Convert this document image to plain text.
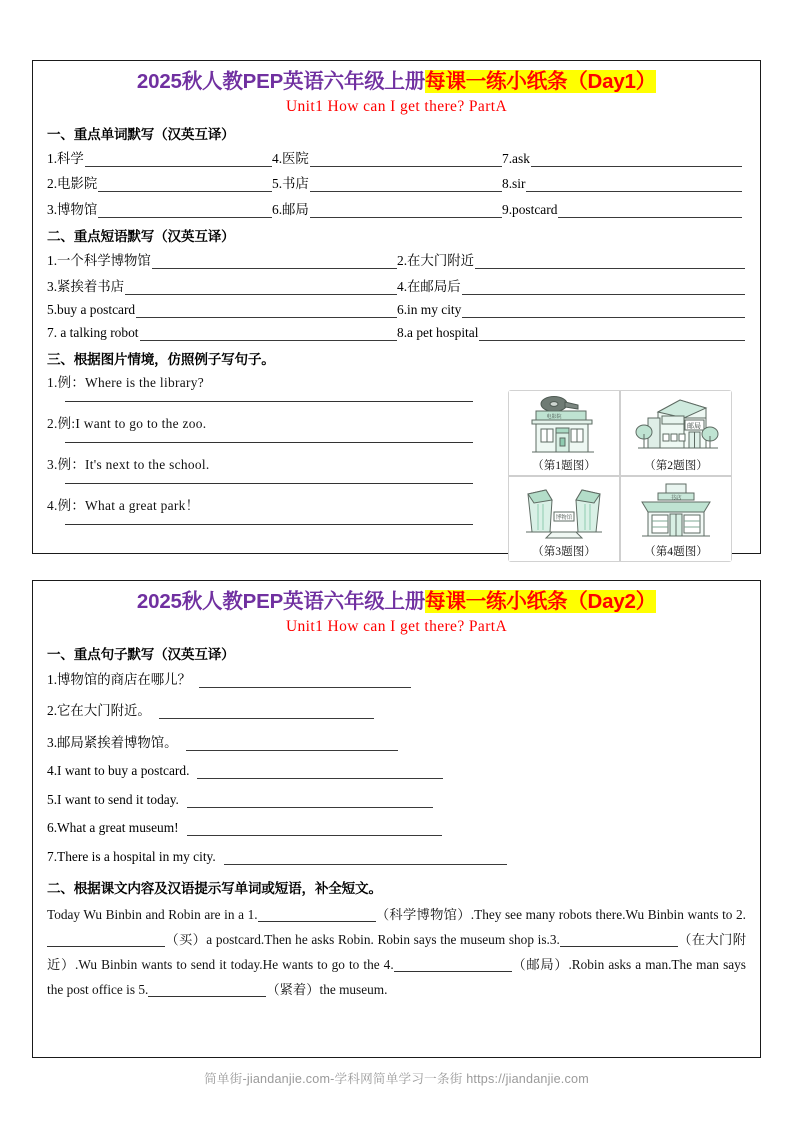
2025秋人教PEP英语六年级上册每课一练小纸条（Day1）
Unit1 How can I get there? PartA
一、重点单词默写（汉英互译）
1.科学	4.医院	7.ask
2.电影院	5.书店	8.sir
3.博物馆	6.邮局	9.postcard
二、重点短语默写（汉英互译）
1.一个科学博物馆	2.在大门附近
3.紧挨着书店	4.在邮局后
5.buy a postcard	6.in my city
7. a talking robot	8.a pet hospital
三、根据图片情境，仿照例子写句子。
1.例：Where is the library?
2.例:I want to go to the zoo.
3.例：It's next to the school.
4.例：What a great park！
电影院
（第1题图）
邮局
（第2题图）
博物馆
（第3题图）
书店
（第4题图）
2025秋人教PEP英语六年级上册每课一练小纸条（Day2）
Unit1 How can I get there? PartA
一、重点句子默写（汉英互译）
1.博物馆的商店在哪儿？
2.它在大门附近。
3.邮局紧挨着博物馆。
4.I want to buy a postcard.
5.I want to send it today.
6.What a great museum!
7.There is a hospital in my city.
二、根据课文内容及汉语提示写单词或短语，补全短文。
Today Wu Binbin and Robin are in a 1.	（科学博物馆）.They see many robots there.Wu Binbin wants to 2.（买）a postcard.Then he asks Robin. Robin says the museum shop is.3.	（在大门附近）.Wu Binbin wants to send it today.He wants to go to the 4.	（邮局）.Robin asks a man.The man says the post office is 5.	（紧着）the museum.
简单街-jiandanjie.com-学科网简单学习一条街 https://jiandanjie.com
